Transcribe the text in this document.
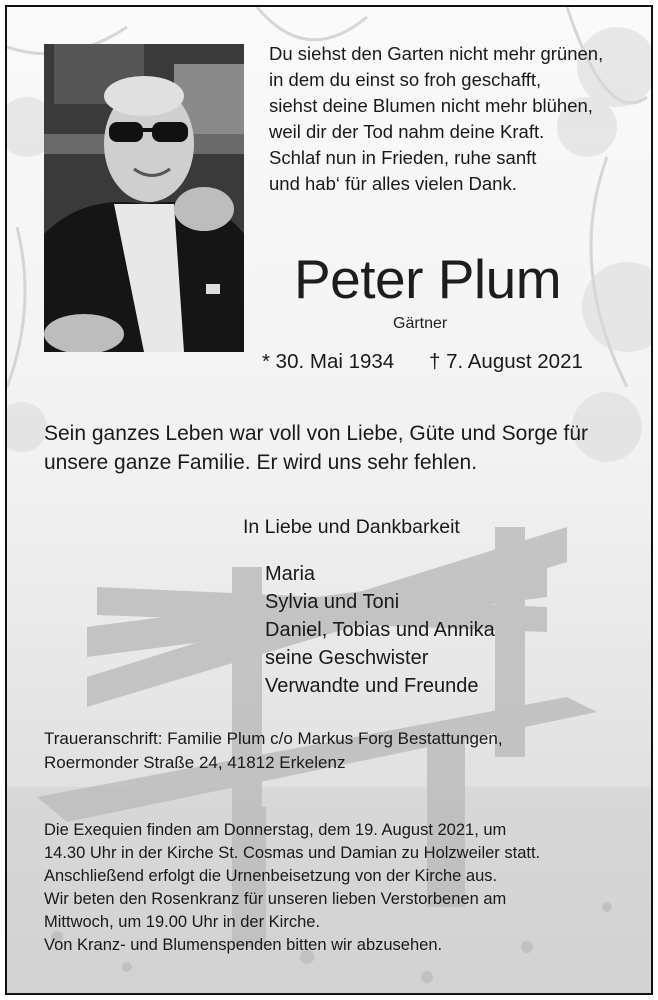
Du siehst den Garten nicht mehr grünen,
in dem du einst so froh geschafft,
siehst deine Blumen nicht mehr blühen,
weil dir der Tod nahm deine Kraft.
Schlaf nun in Frieden, ruhe sanft
und hab‘ für alles vielen Dank.
Peter Plum
Gärtner
* 30. Mai 1934 † 7. August 2021
Sein ganzes Leben war voll von Liebe, Güte und Sorge für
unsere ganze Familie. Er wird uns sehr fehlen.
In Liebe und Dankbarkeit
Maria
Sylvia und Toni
Daniel, Tobias und Annika
seine Geschwister
Verwandte und Freunde
Traueranschrift: Familie Plum c/o Markus Forg Bestattungen,
Roermonder Straße 24, 41812 Erkelenz
Die Exequien finden am Donnerstag, dem 19. August 2021, um
14.30 Uhr in der Kirche St. Cosmas und Damian zu Holzweiler statt.
Anschließend erfolgt die Urnenbeisetzung von der Kirche aus.
Wir beten den Rosenkranz für unseren lieben Verstorbenen am
Mittwoch, um 19.00 Uhr in der Kirche.
Von Kranz- und Blumenspenden bitten wir abzusehen.
